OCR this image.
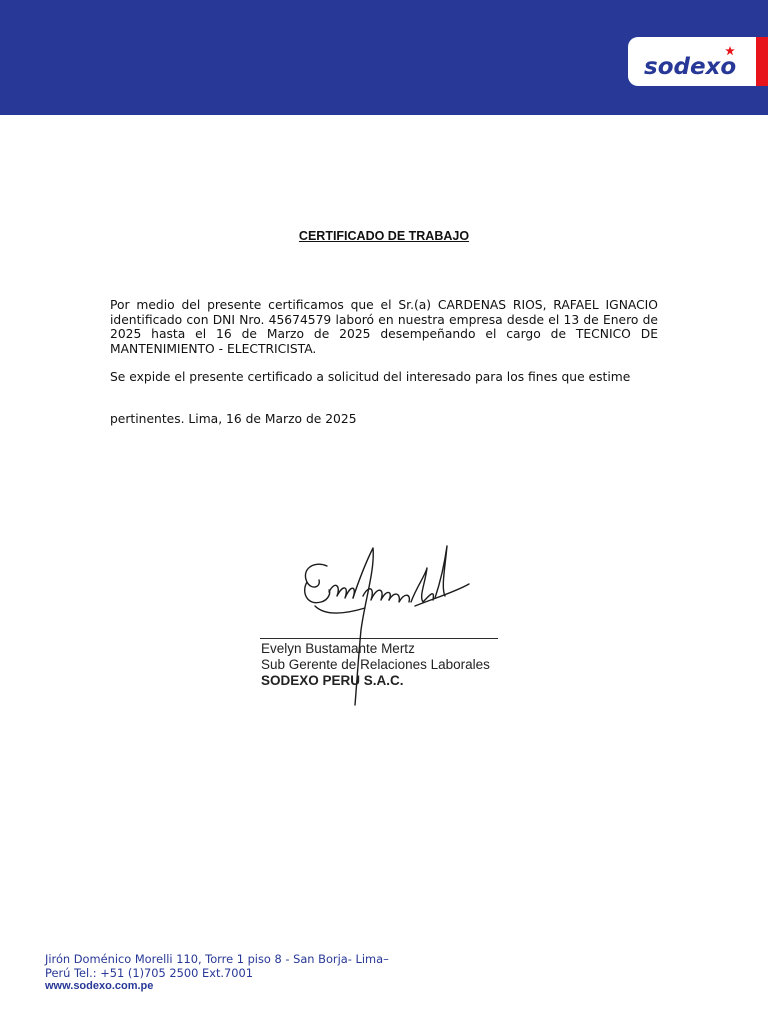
sodexo
CERTIFICADO DE TRABAJO
Por medio del presente certificamos que el Sr.(a) CARDENAS RIOS, RAFAEL IGNACIO identificado con DNI Nro. 45674579 laboró en nuestra empresa desde el 13 de Enero de 2025 hasta el 16 de Marzo de 2025 desempeñando el cargo de TECNICO DE MANTENIMIENTO - ELECTRICISTA.
Se expide el presente certificado a solicitud del interesado para los fines que estime
pertinentes. Lima, 16 de Marzo de 2025
Evelyn Bustamante Mertz
Sub Gerente de Relaciones Laborales
SODEXO PERU S.A.C.
Jirón Doménico Morelli 110, Torre 1 piso 8 - San Borja- Lima–
Perú Tel.: +51 (1)705 2500 Ext.7001
www.sodexo.com.pe
